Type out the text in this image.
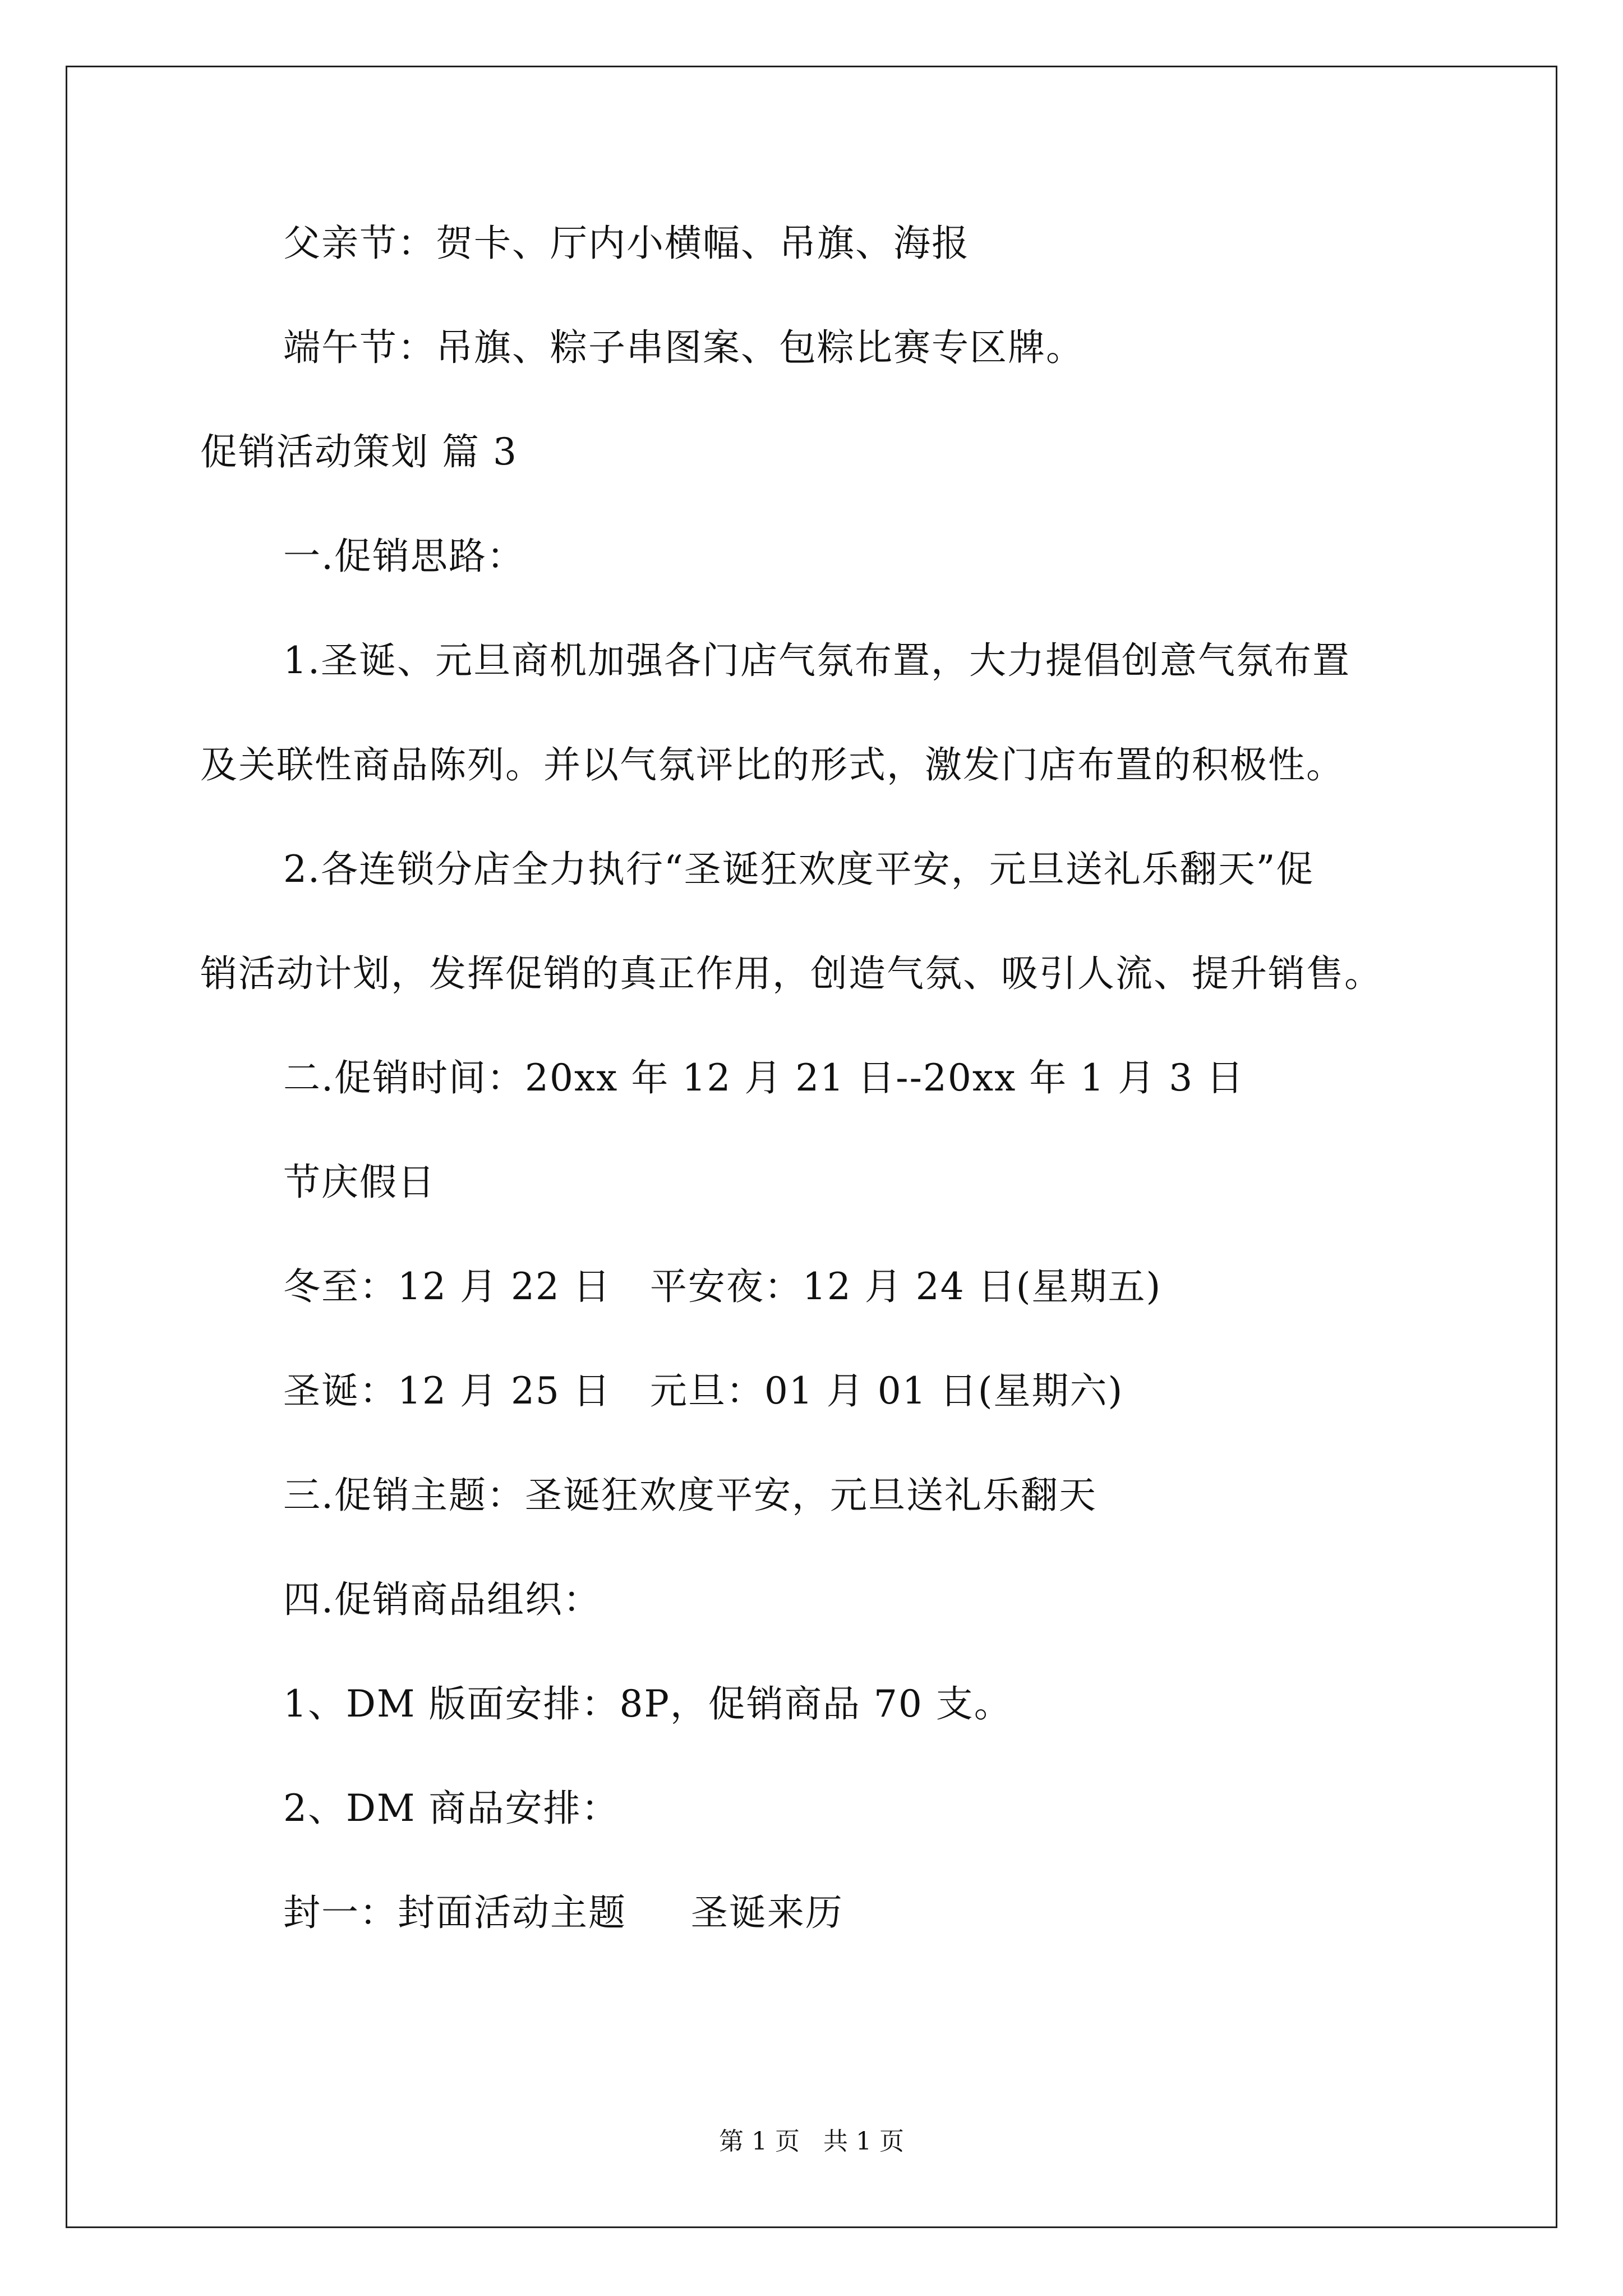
父亲节：贺卡、厅内小横幅、吊旗、海报
端午节：吊旗、粽子串图案、包粽比赛专区牌。
促销活动策划 篇 3
一.促销思路：
1.圣诞、元旦商机加强各门店气氛布置，大力提倡创意气氛布置
及关联性商品陈列。并以气氛评比的形式，激发门店布置的积极性。
2.各连锁分店全力执行“圣诞狂欢度平安，元旦送礼乐翻天”促
销活动计划，发挥促销的真正作用，创造气氛、吸引人流、提升销售。
二.促销时间：20xx 年 12 月 21 日--20xx 年 1 月 3 日
节庆假日
冬至：12 月 22 日   平安夜：12 月 24 日(星期五)
圣诞：12 月 25 日   元旦：01 月 01 日(星期六)
三.促销主题：圣诞狂欢度平安，元旦送礼乐翻天
四.促销商品组织：
1、DM 版面安排：8P，促销商品 70 支。
2、DM 商品安排：
封一：封面活动主题     圣诞来历
第 1 页   共 1 页
